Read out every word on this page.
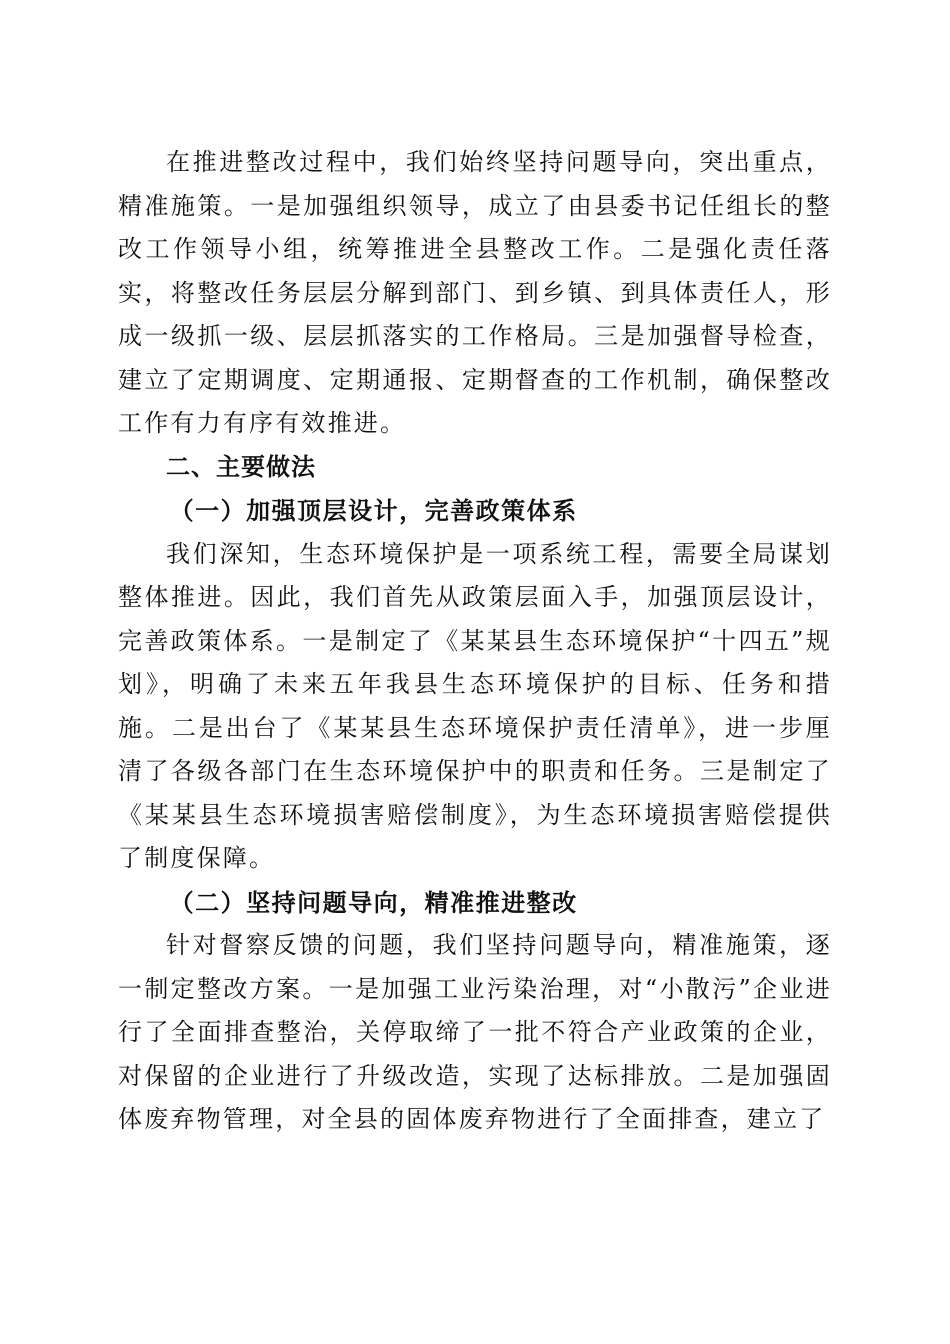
在推进整改过程中，我们始终坚持问题导向，突出重点，精准施策。一是加强组织领导，成立了由县委书记任组长的整改工作领导小组，统筹推进全县整改工作。二是强化责任落实，将整改任务层层分解到部门、到乡镇、到具体责任人，形成一级抓一级、层层抓落实的工作格局。三是加强督导检查，建立了定期调度、定期通报、定期督查的工作机制，确保整改工作有力有序有效推进。

二、主要做法

（一）加强顶层设计，完善政策体系

我们深知，生态环境保护是一项系统工程，需要全局谋划整体推进。因此，我们首先从政策层面入手，加强顶层设计，完善政策体系。一是制定了《某某县生态环境保护“十四五”规划》，明确了未来五年我县生态环境保护的目标、任务和措施。二是出台了《某某县生态环境保护责任清单》，进一步厘清了各级各部门在生态环境保护中的职责和任务。三是制定了《某某县生态环境损害赔偿制度》，为生态环境损害赔偿提供了制度保障。

（二）坚持问题导向，精准推进整改

针对督察反馈的问题，我们坚持问题导向，精准施策，逐一制定整改方案。一是加强工业污染治理，对“小散污”企业进行了全面排查整治，关停取缔了一批不符合产业政策的企业，对保留的企业进行了升级改造，实现了达标排放。二是加强固体废弃物管理，对全县的固体废弃物进行了全面排查，建立了
